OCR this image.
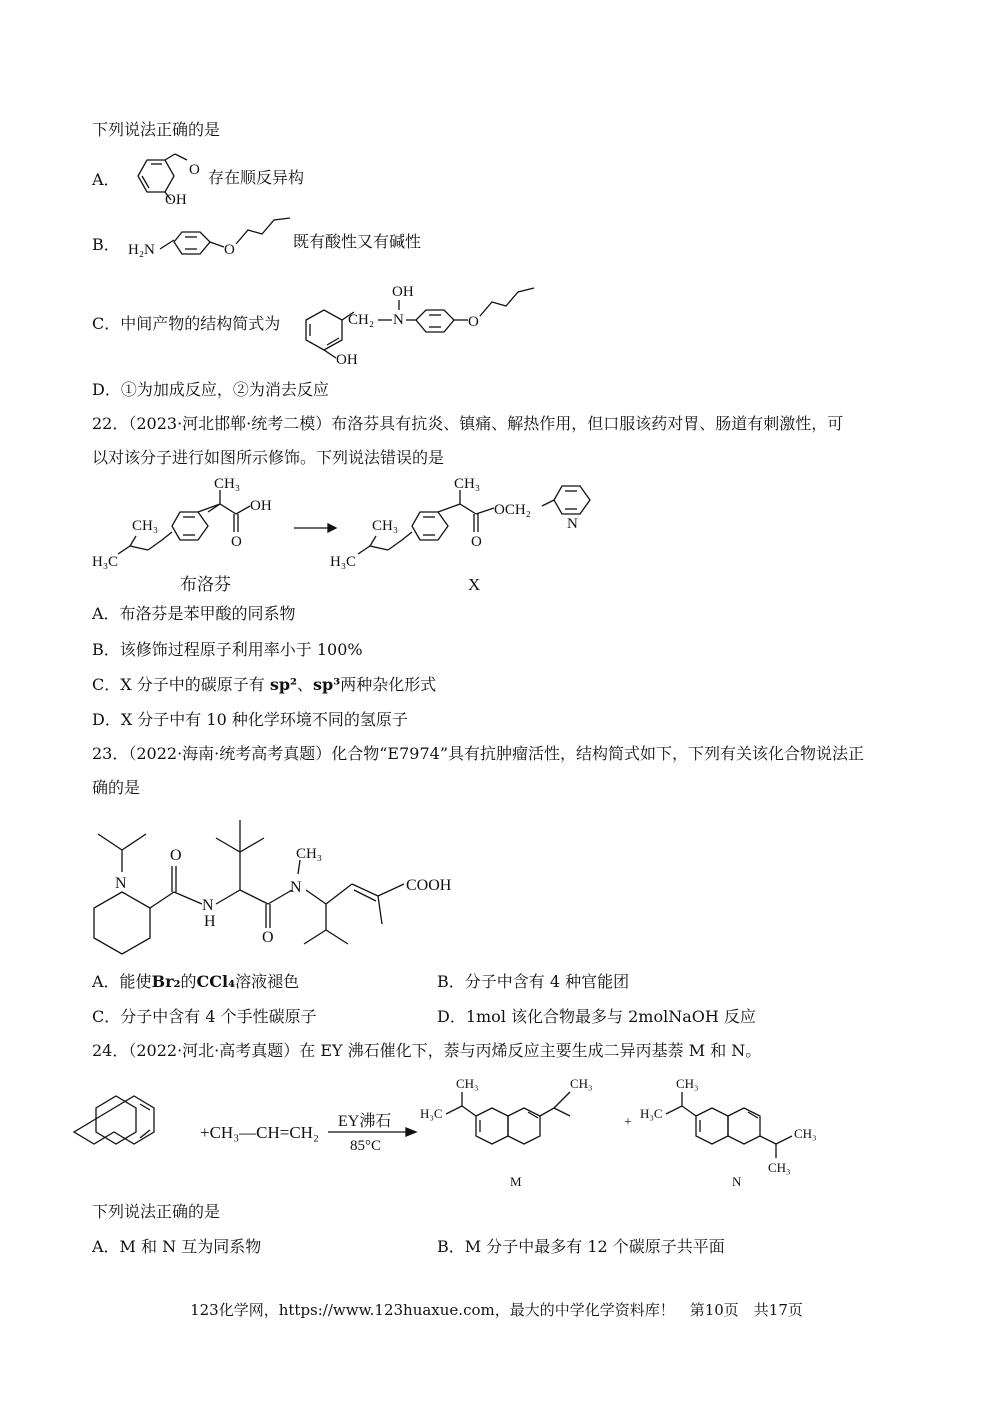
下列说法正确的是
A．	O
OH
存在顺反异构
B． H₂N	O	既有酸性又有碱性
C．中间产物的结构简式为	CH₂ N
OH
O
OH
D．①为加成反应，②为消去反应
22．（2023·河北邯郸·统考二模）布洛芬具有抗炎、镇痛、解热作用，但口服该药对胃、肠道有刺激性，可
以对该分子进行如图所示修饰。下列说法错误的是
CH₃
H₃C
CH₃
OH
O
布洛芬
CH₃
H₃C
CH₃
OCH₂
O
N
X
A．布洛芬是苯甲酸的同系物
B．该修饰过程原子利用率小于 100%
C．X 分子中的碳原子有 sp²、sp³两种杂化形式
D．X 分子中有 10 种化学环境不同的氢原子
23．（2022·海南·统考高考真题）化合物“E7974”具有抗肿瘤活性，结构简式如下，下列有关该化合物说法正
确的是
N
O
N
H
O
N
CH₃
COOH
A．能使Br₂的CCl₄溶液褪色	B．分子中含有 4 种官能团
C．分子中含有 4 个手性碳原子	D．1mol 该化合物最多与 2molNaOH 反应
24．（2022·河北·高考真题）在 EY 沸石催化下，萘与丙烯反应主要生成二异丙基萘 M 和 N。
+CH₃—CH=CH₂
EY沸石
85°C
H₃C
CH₃	CH₃
+
H₃C
CH₃
CH₃
CH₃
M	N
下列说法正确的是
A．M 和 N 互为同系物	B．M 分子中最多有 12 个碳原子共平面
123化学网，https://www.123huaxue.com，最大的中学化学资料库！　第10页　共17页
